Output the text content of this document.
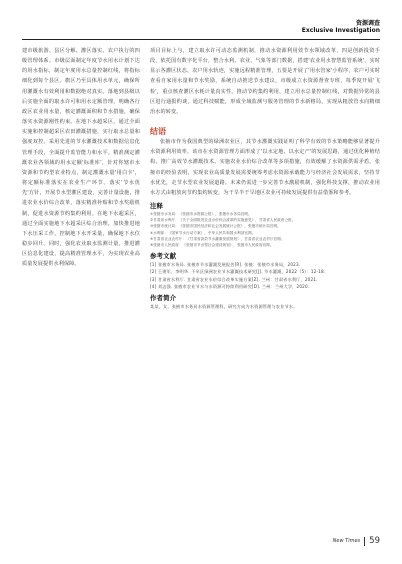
资源调查
Exclusive Investigation

建市级旅游、县区分解、灌区落实、农户执行的四级管理体系。市级层面制定年度节水用水计划下达的用水指标，制定年度用水总量控制红线，将指标细化到每个县区。旗区乃至具体用水单元，确保所用灌溉水有效利用和数据绝对真实。落地到县级以后实施全面的取水许可和用水定额管理，明确各行政区农业用水量，核定灌溉面积和节水措施，确保落实水资源刚性约束。在地下水超采区，通过全面实施和控制超采区农田灌溉措施，实行取水总量和强度双控。采用先进的节水灌溉技术和数据信息化管理手段，全面提升监管能力和水平。精准测定灌溉农业各领域的用水定额'标准库'，针对你辖市水资源和节约型农业特点，制定灌溉水量'用白卡'，将定额标准落实在农业生产环节。落实'节水优先'方针，开展节水型灌区建设，完善计量设施，推进农业水价综合改革，落实精准补贴和节水奖励机制，促进水资源节约集约利用。在地下水超采区，通过全面实施地下水超采区综合治理，加快推进地下水压采工作，控制地下水开采量，确保地下水位稳步回升。同时，强化农业取水监测计量，推进灌区信息化建设，提高精准管理水平，为实现农业高质量发展提供水利保障。

项目目标上与，建立取水许可动态监测机制，推动水资源利用效节水领域改革，四是创新投资手段，依托国有数字化平台，整合水利、农业、气象等部门数据，搭建'农业用水智慧监管系统'，实时显示各灌区状态、农户用水轨迹，实施远程精准管理，五要是开展了'用水管家'小程序，农户可实时查看自家用水量和节水奖励，系统自动推送节水建议，市级成立水资源督查专班，每季度开展'飞检'，重点核查灌区水耗计量真实性，推动节约集约利用，建立用水总量控制红线，对数据异常的县区进行通报约谈，通过科技赋能，形成全域监测与服务管理的节水新格局，实现从粗放管水向精细治水的转变。

结语

张掖市作为我国典型的绿洲农业区，其节水灌溉实践证明了科学有效的节水策略能够显著提升水资源利用效率。该市在水资源管理方面形成了'以水定地、以水定产'的发展思路，通过优化种植结构、推广高效节水灌溉技术、实施农业水价综合改革等多项措施，有效缓解了水资源供需矛盾。张掖市的经验表明，实现农业高质量发展需要统筹考虑水资源承载能力与经济社会发展需求，坚持节水优先，走节水型农业发展道路。未来仍需进一步完善节水激励机制，强化科技支撑，推动农业用水方式由粗放向节约集约转变，为干旱半干旱地区农业可持续发展提供有益借鉴和参考。

注释

①张掖市水务局：《张掖市水资源公报》，张掖市水务局官网。
②甘肃省水利厅：《关于全面推进农业水价综合改革的实施意见》，甘肃省人民政府公报。
③张掖市统计局：《张掖市国民经济和社会发展统计公报》，张掖市统计局官网。
④水利部：《国家节水行动方案》，中华人民共和国水利部官网。
⑤甘肃省农业农村厅：《甘肃省高效节水灌溉发展规划》，甘肃省农业农村厅官网。
⑥张掖市人民政府：《张掖市节水型社会建设规划》，张掖市人民政府官网。

参考文献

[1] 张掖市水务局. 张掖市节水灌溉发展报告[R]. 张掖：张掖市水务局，2023.
[2] 王建军，李明华. 干旱区绿洲农业节水灌溉技术研究[J]. 节水灌溉，2022（5）：12-18.
[3] 甘肃省水利厅. 甘肃省农业水价综合改革实施方案[Z]. 兰州：甘肃省水利厅，2021.
[4] 刘志强. 张掖市农业节水与水资源可持续利用研究[D]. 兰州：兰州大学，2020.

作者简介

某某，女，张掖市水务局水资源管理科，研究方向为水资源管理与农业节水。
New Times 59
